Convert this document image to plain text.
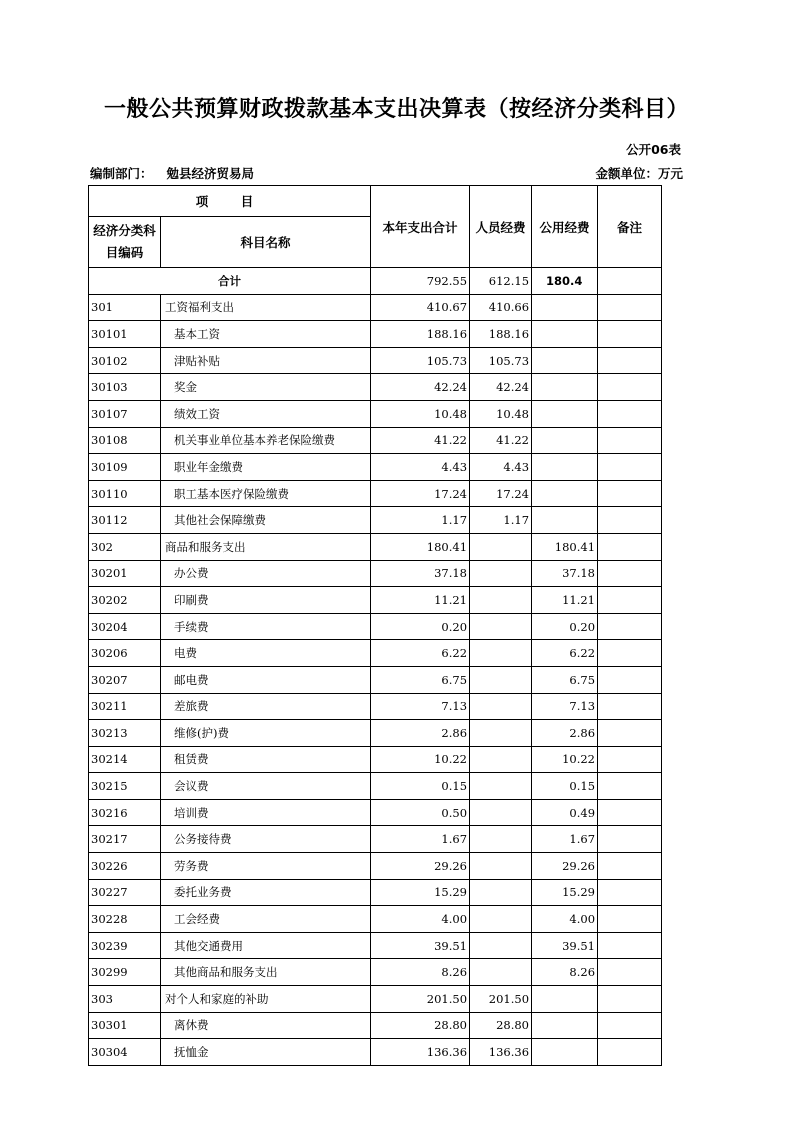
一般公共预算财政拨款基本支出决算表（按经济分类科目）
公开06表
编制部门： 勉县经济贸易局	金额单位：万元
项　目		本年支出合计	人员经费	公用经费	备注
经济分类科目编码	科目名称				
合计		792.55	612.15	180.4	
301	工资福利支出	410.67	410.66		
30101	基本工资	188.16	188.16		
30102	津贴补贴	105.73	105.73		
30103	奖金	42.24	42.24		
30107	绩效工资	10.48	10.48		
30108	机关事业单位基本养老保险缴费	41.22	41.22		
30109	职业年金缴费	4.43	4.43		
30110	职工基本医疗保险缴费	17.24	17.24		
30112	其他社会保障缴费	1.17	1.17		
302	商品和服务支出	180.41		180.41	
30201	办公费	37.18		37.18	
30202	印刷费	11.21		11.21	
30204	手续费	0.20		0.20	
30206	电费	6.22		6.22	
30207	邮电费	6.75		6.75	
30211	差旅费	7.13		7.13	
30213	维修(护)费	2.86		2.86	
30214	租赁费	10.22		10.22	
30215	会议费	0.15		0.15	
30216	培训费	0.50		0.49	
30217	公务接待费	1.67		1.67	
30226	劳务费	29.26		29.26	
30227	委托业务费	15.29		15.29	
30228	工会经费	4.00		4.00	
30239	其他交通费用	39.51		39.51	
30299	其他商品和服务支出	8.26		8.26	
303	对个人和家庭的补助	201.50	201.50		
30301	离休费	28.80	28.80		
30304	抚恤金	136.36	136.36		
